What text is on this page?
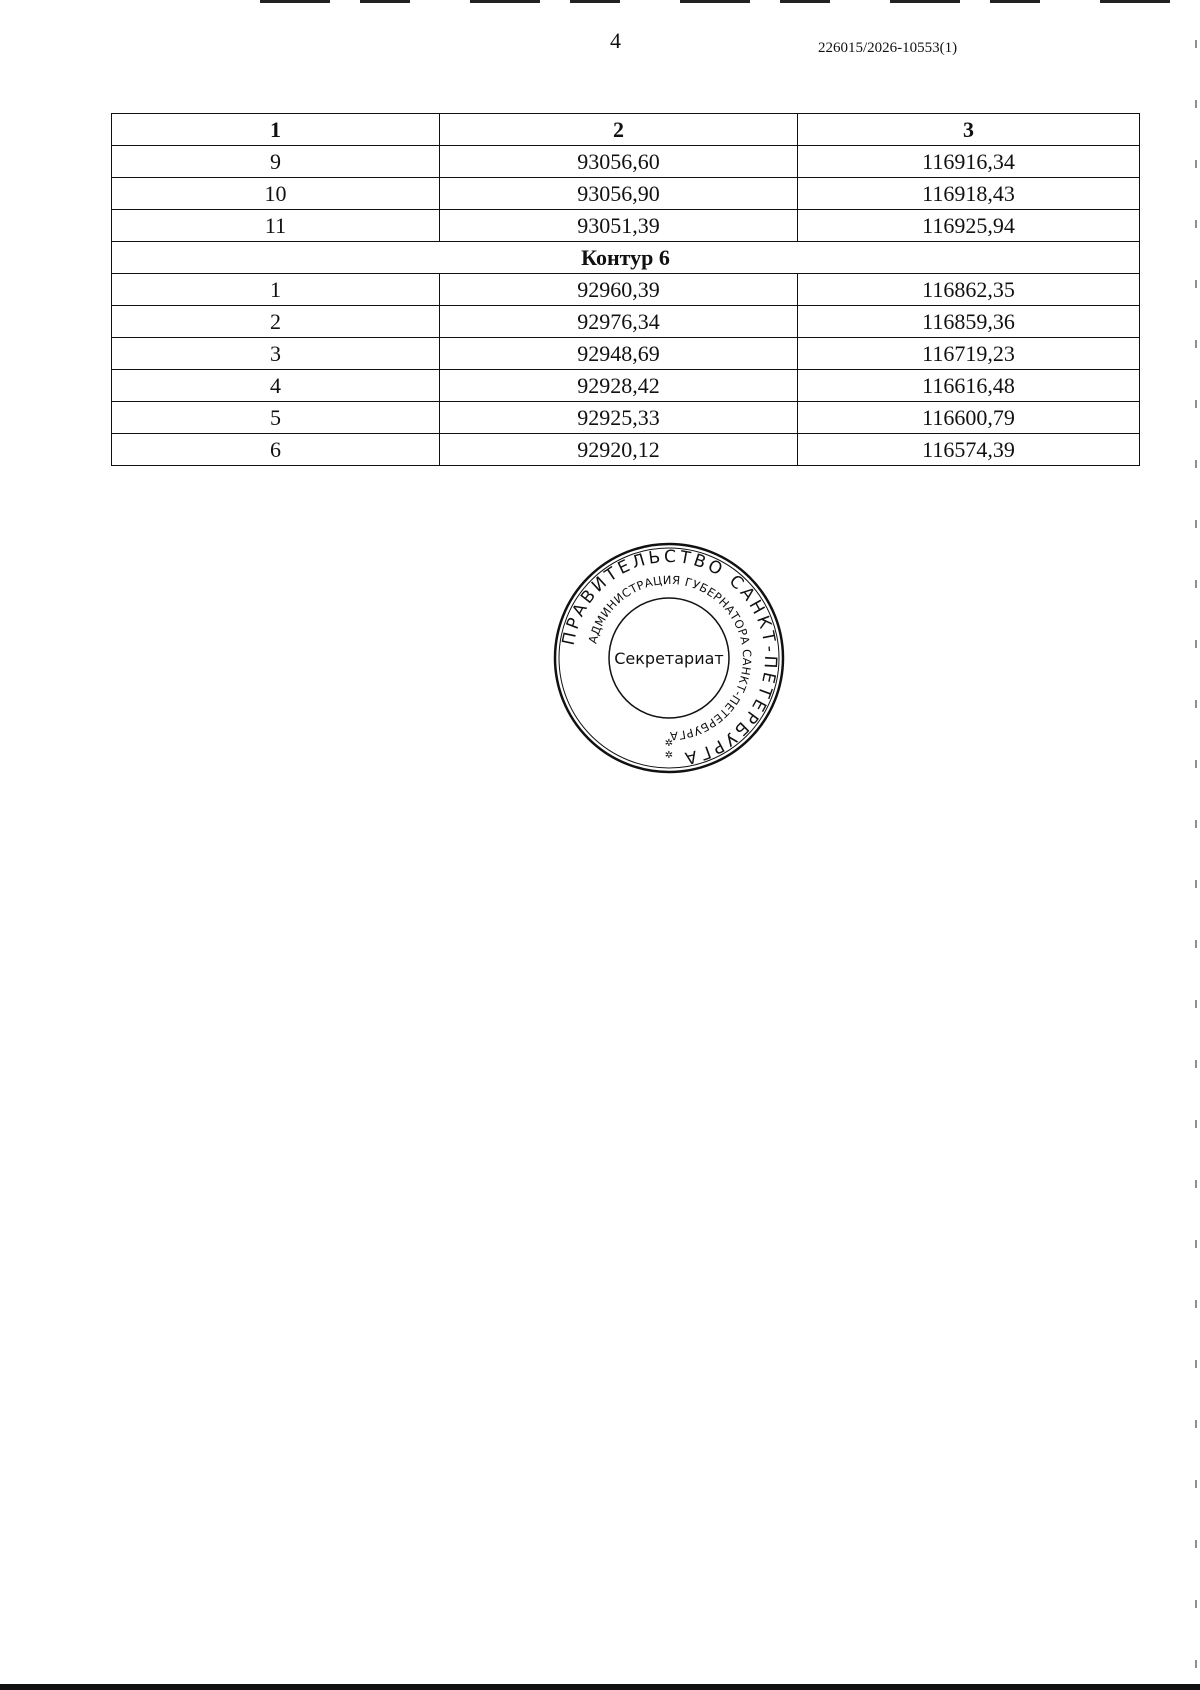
4	226015/2026-10553(1)
1	2	3
9	93056,60	116916,34
10	93056,90	116918,43
11	93051,39	116925,94
Контур 6		
1	92960,39	116862,35
2	92976,34	116859,36
3	92948,69	116719,23
4	92928,42	116616,48
5	92925,33	116600,79
6	92920,12	116574,39
ПРАВИТЕЛЬСТВО САНКТ-ПЕТЕРБУРГА
АДМИНИСТРАЦИЯ ГУБЕРНАТОРА САНКТ-ПЕТЕРБУРГА
Секретариат
✲
✲
